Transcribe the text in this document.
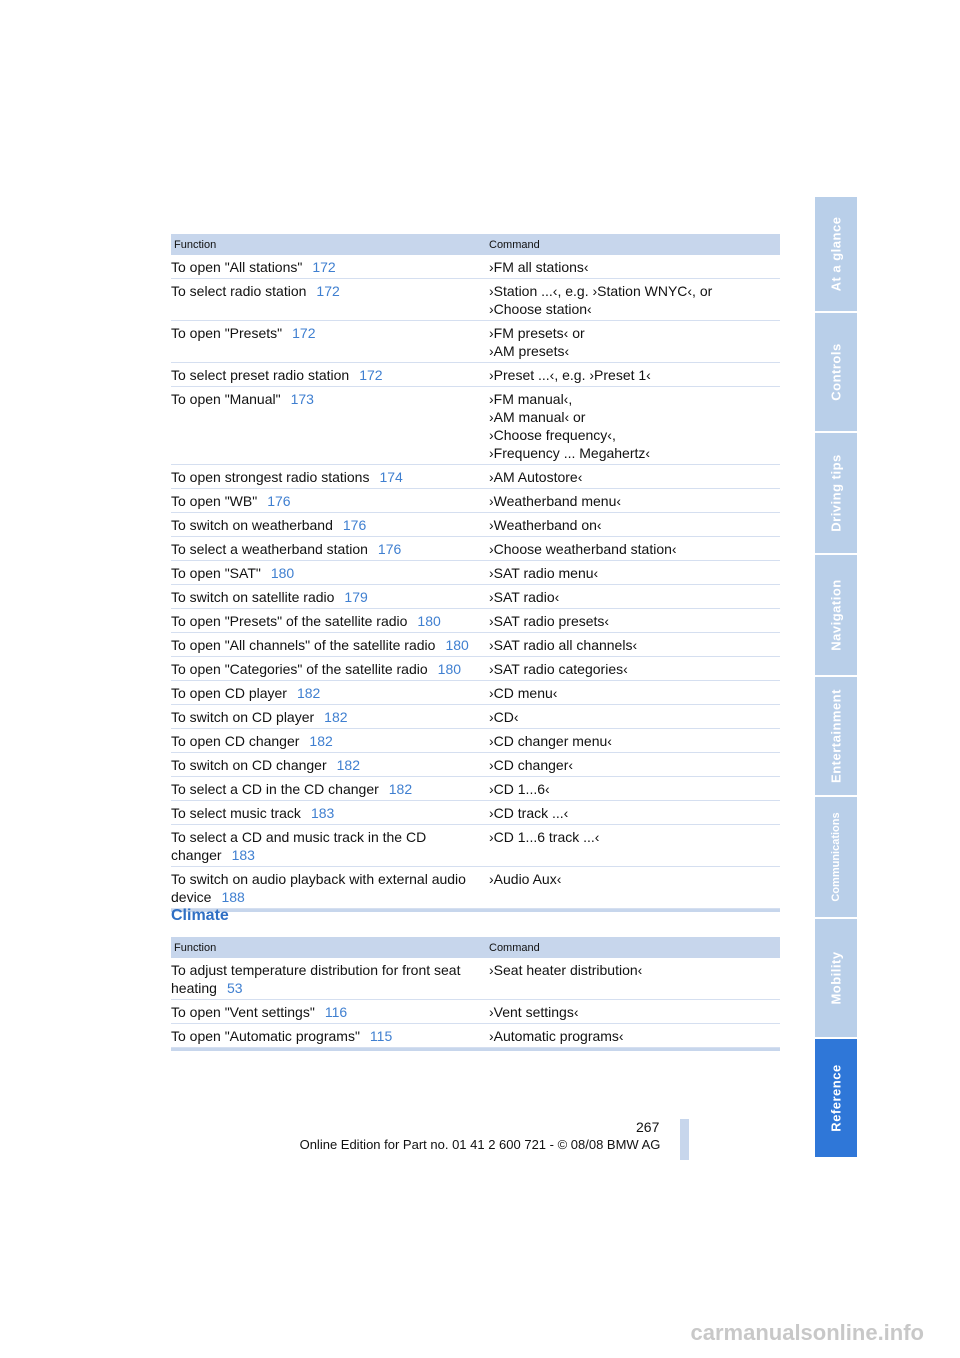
Function	Command
To open "All stations" 172	›FM all stations‹
To select radio station 172	›Station ...‹, e.g. ›Station WNYC‹, or
›Choose station‹
To open "Presets" 172	›FM presets‹ or
›AM presets‹
To select preset radio station 172	›Preset ...‹, e.g. ›Preset 1‹
To open "Manual" 173	›FM manual‹,
›AM manual‹ or
›Choose frequency‹,
›Frequency ... Megahertz‹
To open strongest radio stations 174	›AM Autostore‹
To open "WB" 176	›Weatherband menu‹
To switch on weatherband 176	›Weatherband on‹
To select a weatherband station 176	›Choose weatherband station‹
To open "SAT" 180	›SAT radio menu‹
To switch on satellite radio 179	›SAT radio‹
To open "Presets" of the satellite radio 180	›SAT radio presets‹
To open "All channels" of the satellite radio 180	›SAT radio all channels‹
To open "Categories" of the satellite radio 180	›SAT radio categories‹
To open CD player 182	›CD menu‹
To switch on CD player 182	›CD‹
To open CD changer 182	›CD changer menu‹
To switch on CD changer 182	›CD changer‹
To select a CD in the CD changer 182	›CD 1...6‹
To select music track 183	›CD track ...‹
To select a CD and music track in the CD changer 183
›CD 1...6 track ...‹
To switch on audio playback with external audio device 188
›Audio Aux‹
Climate
Function	Command
To adjust temperature distribution for front seat heating 53
›Seat heater distribution‹
To open "Vent settings" 116	›Vent settings‹
To open "Automatic programs" 115	›Automatic programs‹
At a glance
Controls
Driving tips
Navigation
Entertainment
Communications
Mobility
Reference
267
Online Edition for Part no. 01 41 2 600 721 - © 08/08 BMW AG
carmanualsonline.info
